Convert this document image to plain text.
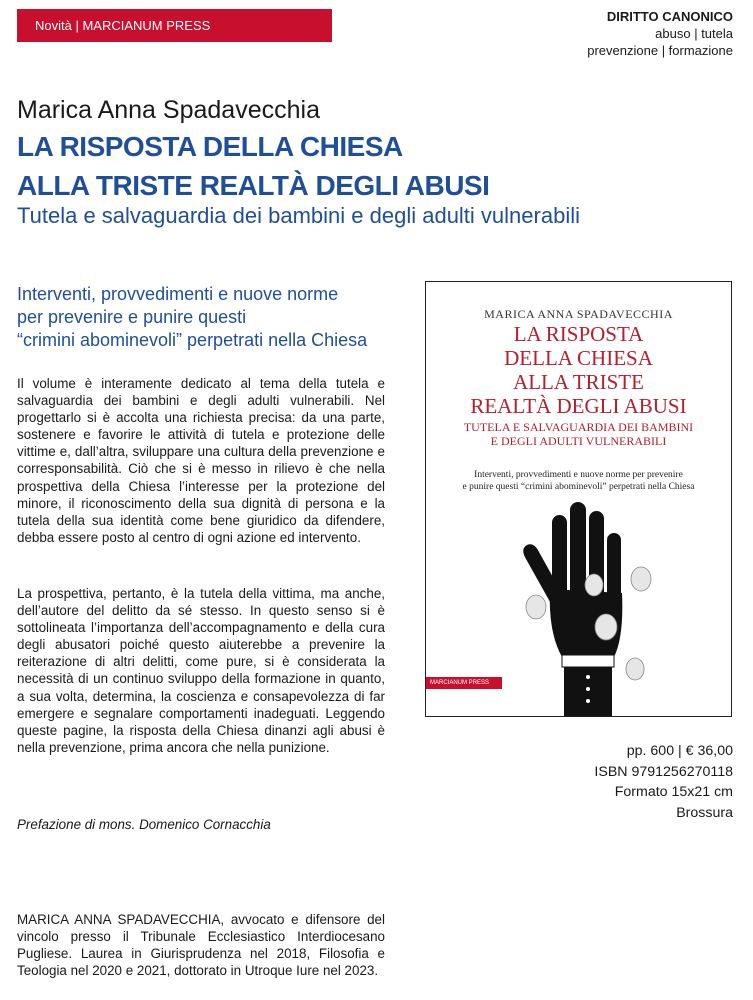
Novità | MARCIANUM PRESS
DIRITTO CANONICO
abuso | tutela
prevenzione | formazione
Marica Anna Spadavecchia
LA RISPOSTA DELLA CHIESA
ALLA TRISTE REALTÀ DEGLI ABUSI
Tutela e salvaguardia dei bambini e degli adulti vulnerabili
Interventi, provvedimenti e nuove norme
per prevenire e punire questi
“crimini abominevoli” perpetrati nella Chiesa

Il volume è interamente dedicato al tema della tutela e salvaguardia dei bambini e degli adulti vulnerabili. Nel progettarlo si è accolta una richiesta precisa: da una parte, sostenere e favorire le attività di tutela e protezione delle vittime e, dall’altra, sviluppare una cultura della prevenzione e corresponsabilità. Ciò che si è messo in rilievo è che nella prospettiva della Chiesa l’interesse per la protezione del minore, il riconoscimento della sua dignità di persona e la tutela della sua identità come bene giuridico da difendere, debba essere posto al centro di ogni azione ed intervento.

La prospettiva, pertanto, è la tutela della vittima, ma anche, dell’autore del delitto da sé stesso. In questo senso si è sottolineata l’importanza dell’accompagnamento e della cura degli abusatori poiché questo aiuterebbe a prevenire la reiterazione di altri delitti, come pure, si è considerata la necessità di un continuo sviluppo della formazione in quanto, a sua volta, determina, la coscienza e consapevolezza di far emergere e segnalare comportamenti inadeguati. Leggendo queste pagine, la risposta della Chiesa dinanzi agli abusi è nella prevenzione, prima ancora che nella punizione.

Prefazione di mons. Domenico Cornacchia

MARICA ANNA SPADAVECCHIA, avvocato e difensore del vincolo presso il Tribunale Ecclesiastico Interdiocesano Pugliese. Laurea in Giurisprudenza nel 2018, Filosofia e Teologia nel 2020 e 2021, dottorato in Utroque Iure nel 2023.

MARICA ANNA SPADAVECCHIA
LA RISPOSTA
DELLA CHIESA
ALLA TRISTE
REALTÀ DEGLI ABUSI
TUTELA E SALVAGUARDIA DEI BAMBINI
E DEGLI ADULTI VULNERABILI
Interventi, provvedimenti e nuove norme per prevenire
e punire questi “crimini abominevoli” perpetrati nella Chiesa
MARCIANUM PRESS
pp. 600 | € 36,00
ISBN 9791256270118
Formato 15x21 cm
Brossura
